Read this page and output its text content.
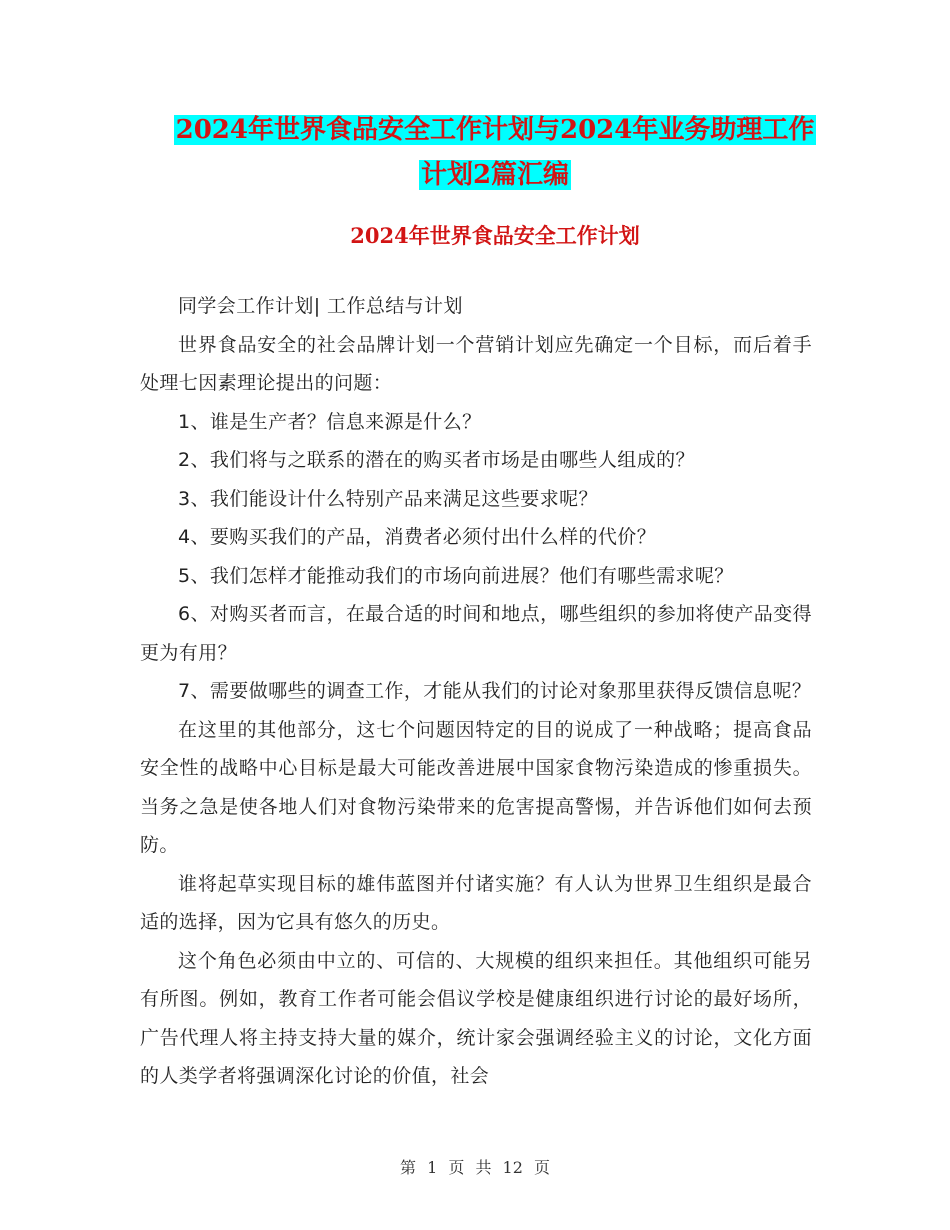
2024年世界食品安全工作计划与2024年业务助理工作
计划2篇汇编
2024年世界食品安全工作计划

同学会工作计划| 工作总结与计划

世界食品安全的社会品牌计划一个营销计划应先确定一个目标，而后着手处理七因素理论提出的问题：

1、谁是生产者？信息来源是什么？

2、我们将与之联系的潜在的购买者市场是由哪些人组成的？

3、我们能设计什么特别产品来满足这些要求呢？

4、要购买我们的产品，消费者必须付出什么样的代价？

5、我们怎样才能推动我们的市场向前进展？他们有哪些需求呢？

6、对购买者而言，在最合适的时间和地点，哪些组织的参加将使产品变得更为有用？

7、需要做哪些的调查工作，才能从我们的讨论对象那里获得反馈信息呢？

在这里的其他部分，这七个问题因特定的目的说成了一种战略；提高食品安全性的战略中心目标是最大可能改善进展中国家食物污染造成的惨重损失。当务之急是使各地人们对食物污染带来的危害提高警惕，并告诉他们如何去预防。

谁将起草实现目标的雄伟蓝图并付诸实施？有人认为世界卫生组织是最合适的选择，因为它具有悠久的历史。

这个角色必须由中立的、可信的、大规模的组织来担任。其他组织可能另有所图。例如，教育工作者可能会倡议学校是健康组织进行讨论的最好场所，广告代理人将主持支持大量的媒介，统计家会强调经验主义的讨论，文化方面的人类学者将强调深化讨论的价值，社会

第 1 页 共 12 页
